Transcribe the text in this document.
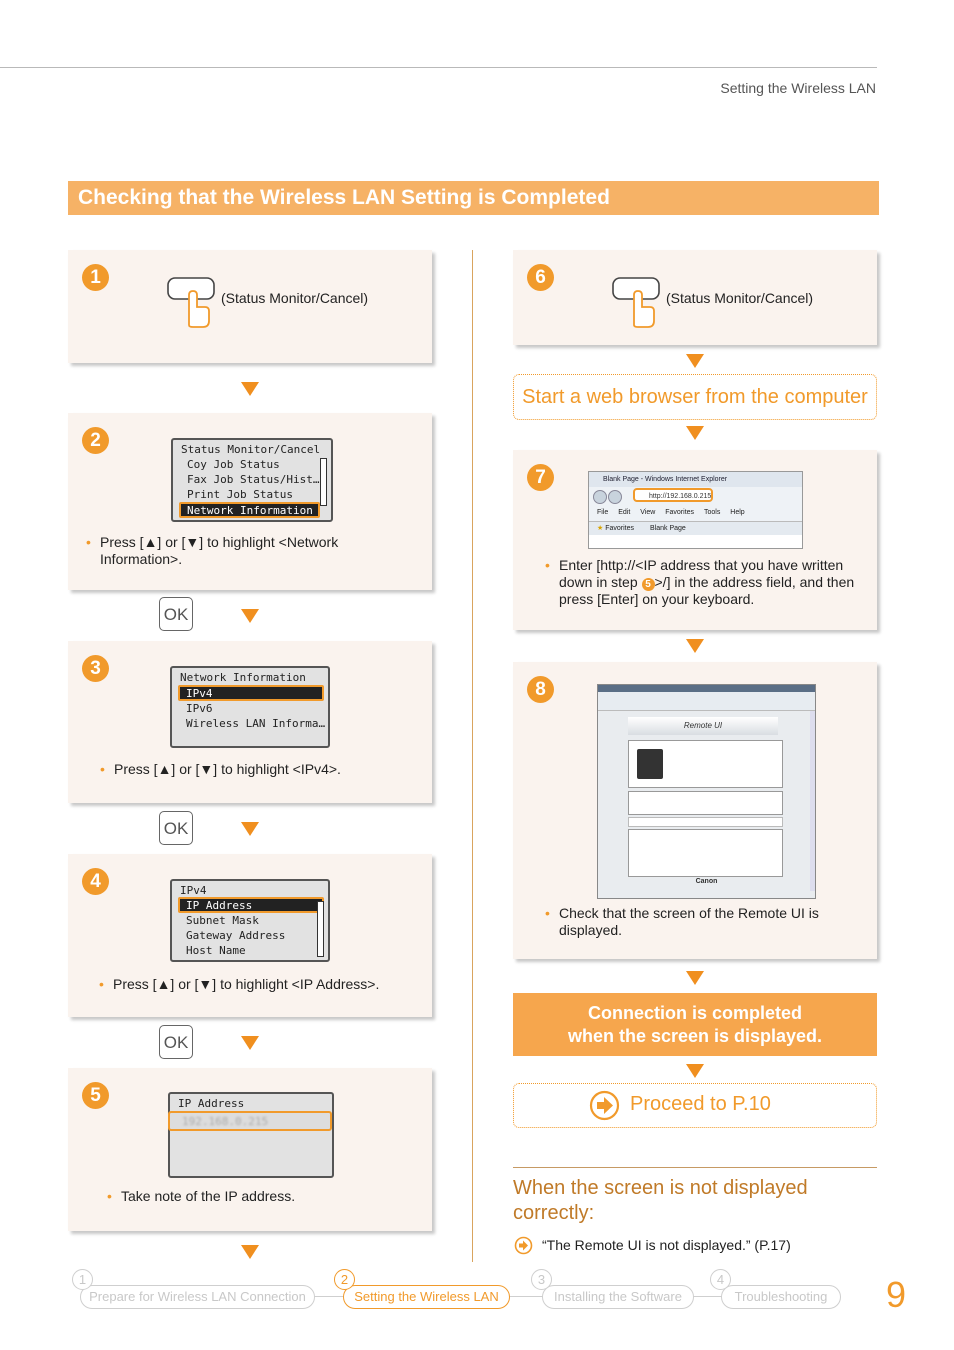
Setting the Wireless LAN
Checking that the Wireless LAN Setting is Completed
1
(Status Monitor/Cancel)
2	Status Monitor/Cancel
Coy Job Status
Fax Job Status/Hist…
Print Job Status
Network Information
• Press [▲] or [▼] to highlight <Network Information>.
OK
3	Network Information
IPv4
IPv6
Wireless LAN Informa…
• Press [▲] or [▼] to highlight <IPv4>.
OK
4	IPv4
IP Address
Subnet Mask
Gateway Address
Host Name
• Press [▲] or [▼] to highlight <IP Address>.
OK
5	IP Address
192.168.0.215
• Take note of the IP address.
6
(Status Monitor/Cancel)
Start a web browser from the computer
7	Blank Page - Windows Internet Explorer
http://192.168.0.215
File Edit View Favorites Tools Help
★ Favorites Blank Page
• Enter [http://<IP address that you have written down in step 5 >/] in the address field, and then press [Enter] on your keyboard.
8
Remote UI
Canon
• Check that the screen of the Remote UI is displayed.
Connection is completed
when the screen is displayed.
Proceed to P.10
When the screen is not displayed correctly:
“The Remote UI is not displayed.” (P.17)
Prepare for Wireless LAN Connection
1
Setting the Wireless LAN
2
Installing the Software
3
Troubleshooting
4	9
